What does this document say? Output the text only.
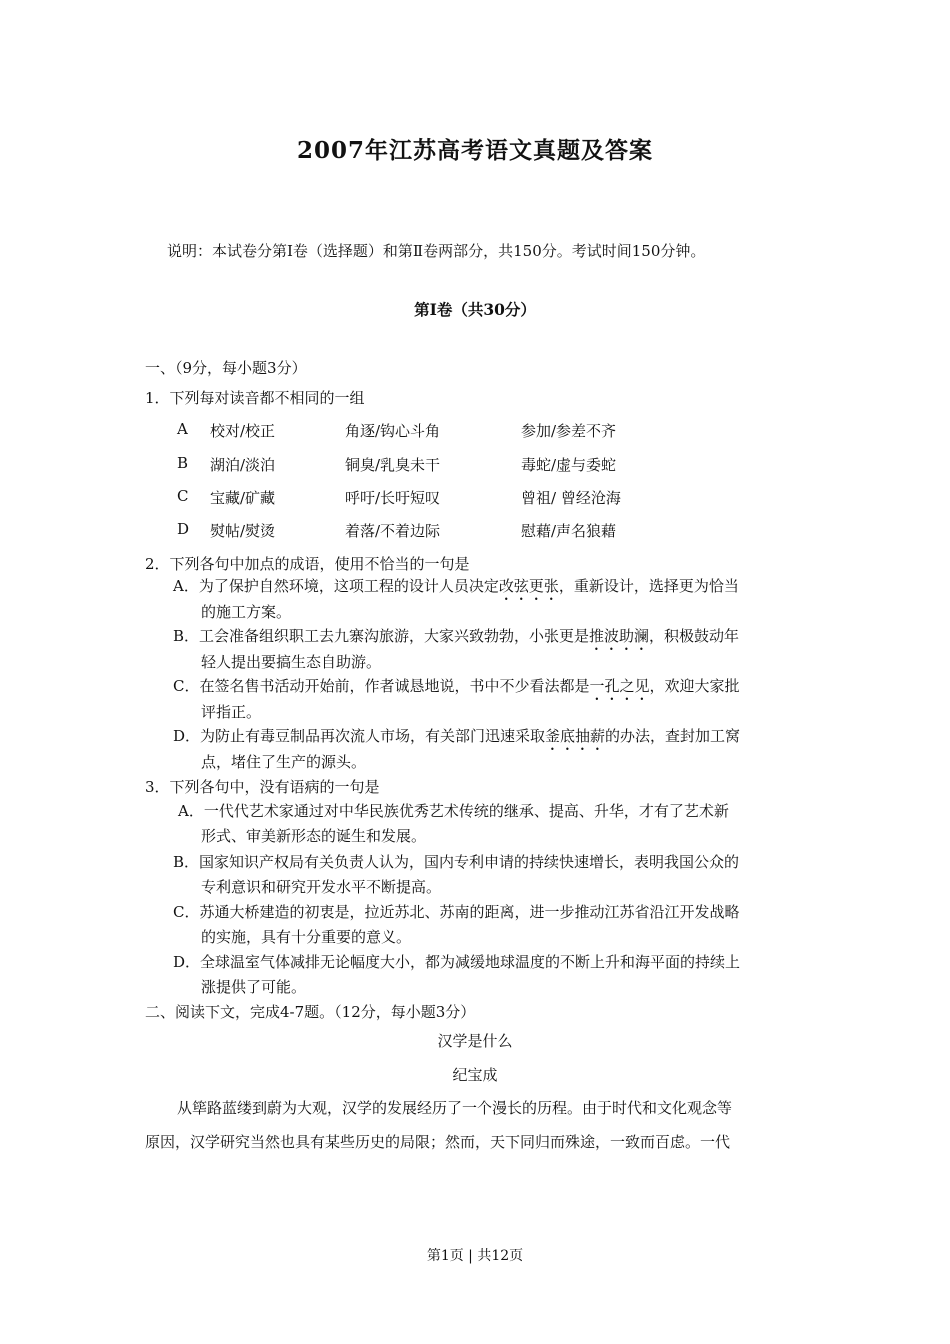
2007年江苏高考语文真题及答案
说明：本试卷分第Ⅰ卷（选择题）和第Ⅱ卷两部分，共150分。考试时间150分钟。
第Ⅰ卷（共30分）
一、（9分，每小题3分）
1．下列每对读音都不相同的一组
A 校对/校正	角逐/钩心斗角	参加/参差不齐
B 湖泊/淡泊	铜臭/乳臭未干	毒蛇/虚与委蛇
C 宝藏/矿藏	呼吁/长吁短叹	曾祖/ 曾经沧海
D 熨帖/熨烫	着落/不着边际	慰藉/声名狼藉
2．下列各句中加点的成语，使用不恰当的一句是
A．为了保护自然环境，这项工程的设计人员决定改弦更张，重新设计，选择更为恰当
的施工方案。
B．工会准备组织职工去九寨沟旅游，大家兴致勃勃，小张更是推波助澜，积极鼓动年
轻人提出要搞生态自助游。
C．在签名售书活动开始前，作者诚恳地说，书中不少看法都是一孔之见，欢迎大家批
评指正。
D．为防止有毒豆制品再次流人市场，有关部门迅速采取釜底抽薪的办法，查封加工窝
点，堵住了生产的源头。
3．下列各句中，没有语病的一句是
A．一代代艺术家通过对中华民族优秀艺术传统的继承、提高、升华，才有了艺术新
形式、审美新形态的诞生和发展。
B．国家知识产权局有关负责人认为，国内专利申请的持续快速增长，表明我国公众的
专利意识和研究开发水平不断提高。
C．苏通大桥建造的初衷是，拉近苏北、苏南的距离，进一步推动江苏省沿江开发战略
的实施，具有十分重要的意义。
D．全球温室气体减排无论幅度大小，都为减缓地球温度的不断上升和海平面的持续上
涨提供了可能。
二、阅读下文，完成4-7题。（12分，每小题3分）
汉学是什么
纪宝成
从筚路蓝缕到蔚为大观，汉学的发展经历了一个漫长的历程。由于时代和文化观念等
原因，汉学研究当然也具有某些历史的局限；然而，天下同归而殊途，一致而百虑。一代
第1页 | 共12页
